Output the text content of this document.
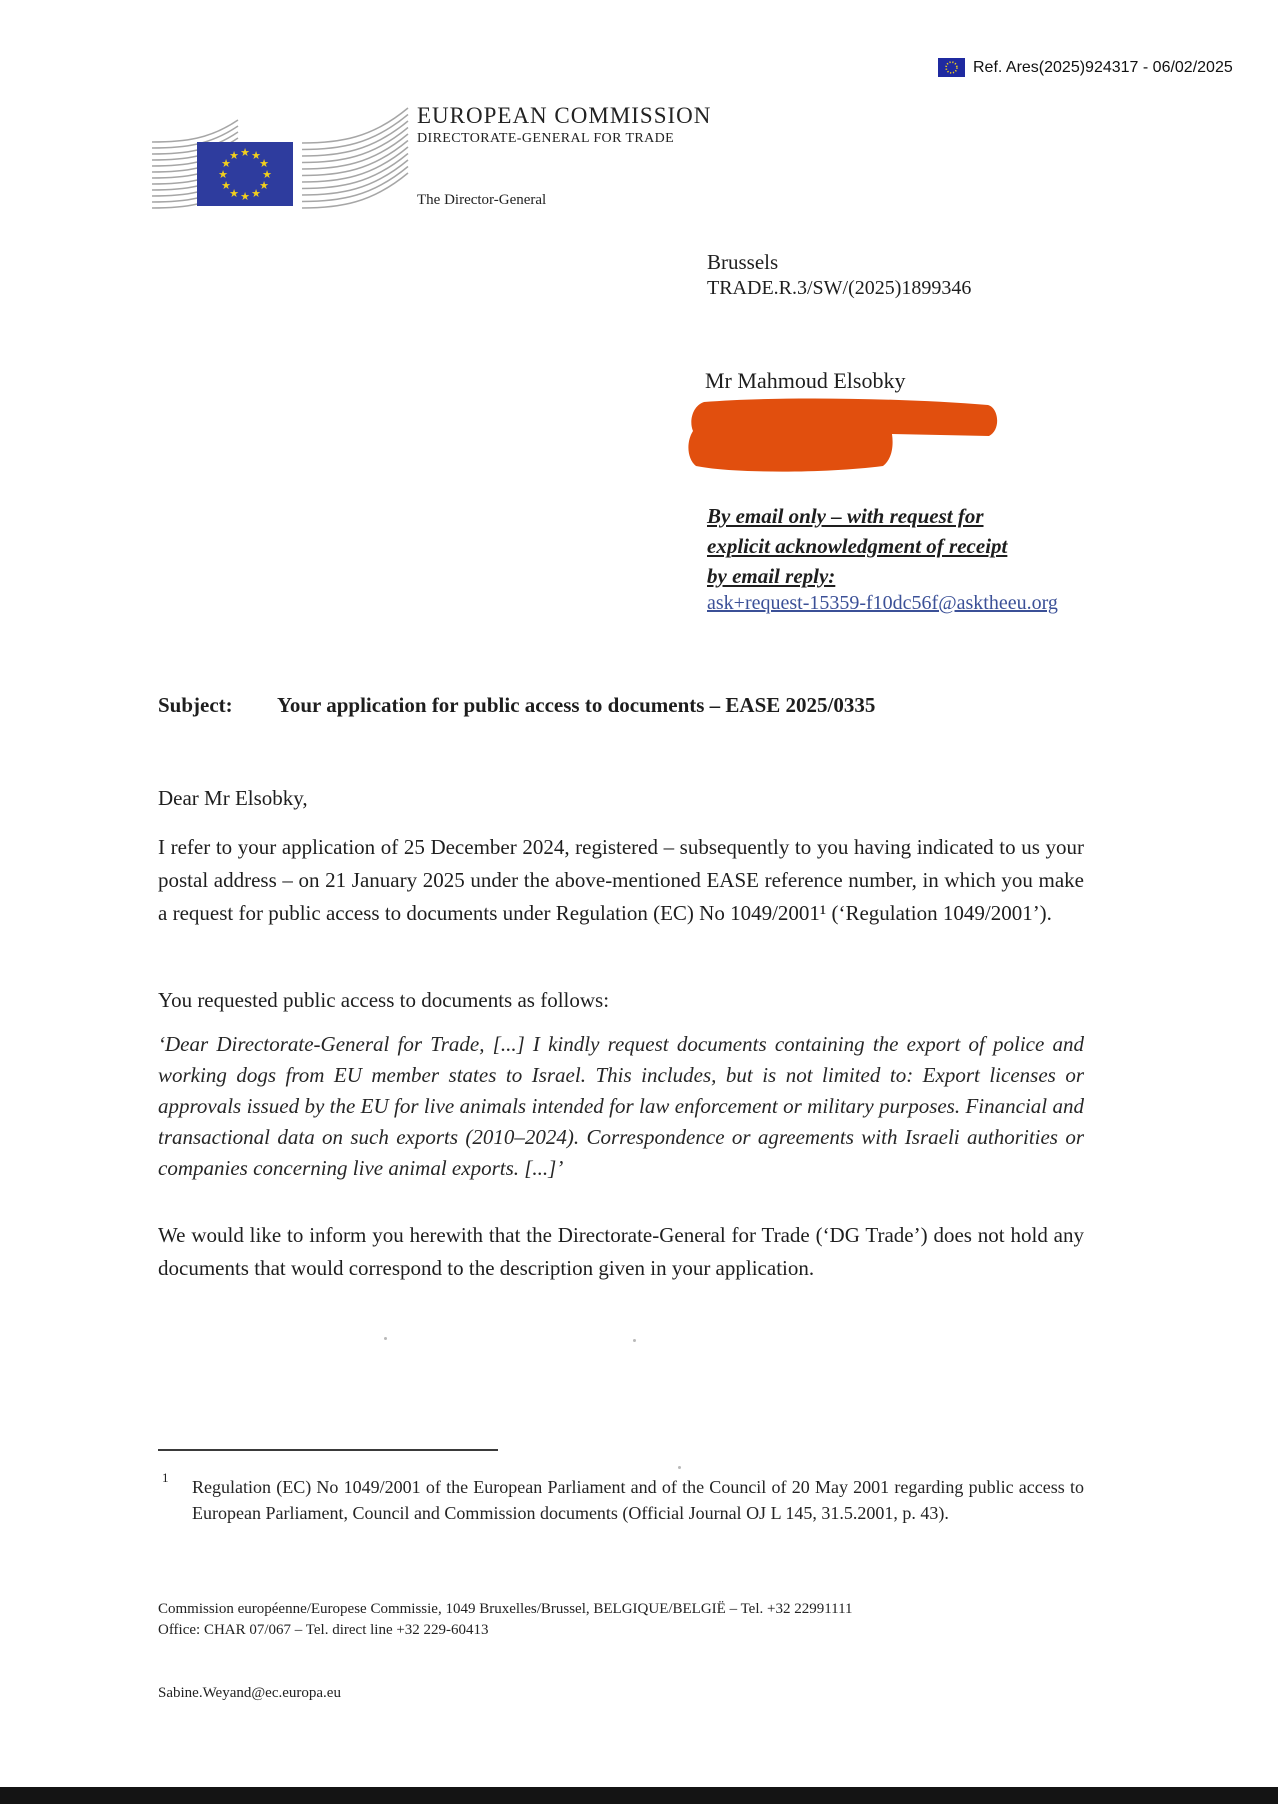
Ref. Ares(2025)924317 - 06/02/2025
★ ★
★
★
★
★
★
★
★
★
★
★
EUROPEAN COMMISSION
DIRECTORATE-GENERAL FOR TRADE
The Director-General
Brussels
TRADE.R.3/SW/(2025)1899346
Mr Mahmoud Elsobky
By email only – with request for
explicit acknowledgment of receipt
by email reply:
ask+request-15359-f10dc56f@asktheeu.org
Subject:	Your application for public access to documents – EASE 2025/0335
Dear Mr Elsobky,
I refer to your application of 25 December 2024, registered – subsequently to you having indicated to us your postal address – on 21 January 2025 under the above-mentioned EASE reference number, in which you make a request for public access to documents under Regulation (EC) No 1049/2001¹ (‘Regulation 1049/2001’).
You requested public access to documents as follows:
‘Dear Directorate-General for Trade, [...] I kindly request documents containing the export of police and working dogs from EU member states to Israel. This includes, but is not limited to: Export licenses or approvals issued by the EU for live animals intended for law enforcement or military purposes. Financial and transactional data on such exports (2010–2024). Correspondence or agreements with Israeli authorities or companies concerning live animal exports. [...]’
We would like to inform you herewith that the Directorate-General for Trade (‘DG Trade’) does not hold any documents that would correspond to the description given in your application.
1 Regulation (EC) No 1049/2001 of the European Parliament and of the Council of 20 May 2001 regarding public access to European Parliament, Council and Commission documents (Official Journal OJ L 145, 31.5.2001, p. 43).
Commission européenne/Europese Commissie, 1049 Bruxelles/Brussel, BELGIQUE/BELGIË – Tel. +32 22991111
Office: CHAR 07/067 – Tel. direct line +32 229-60413
Sabine.Weyand@ec.europa.eu
